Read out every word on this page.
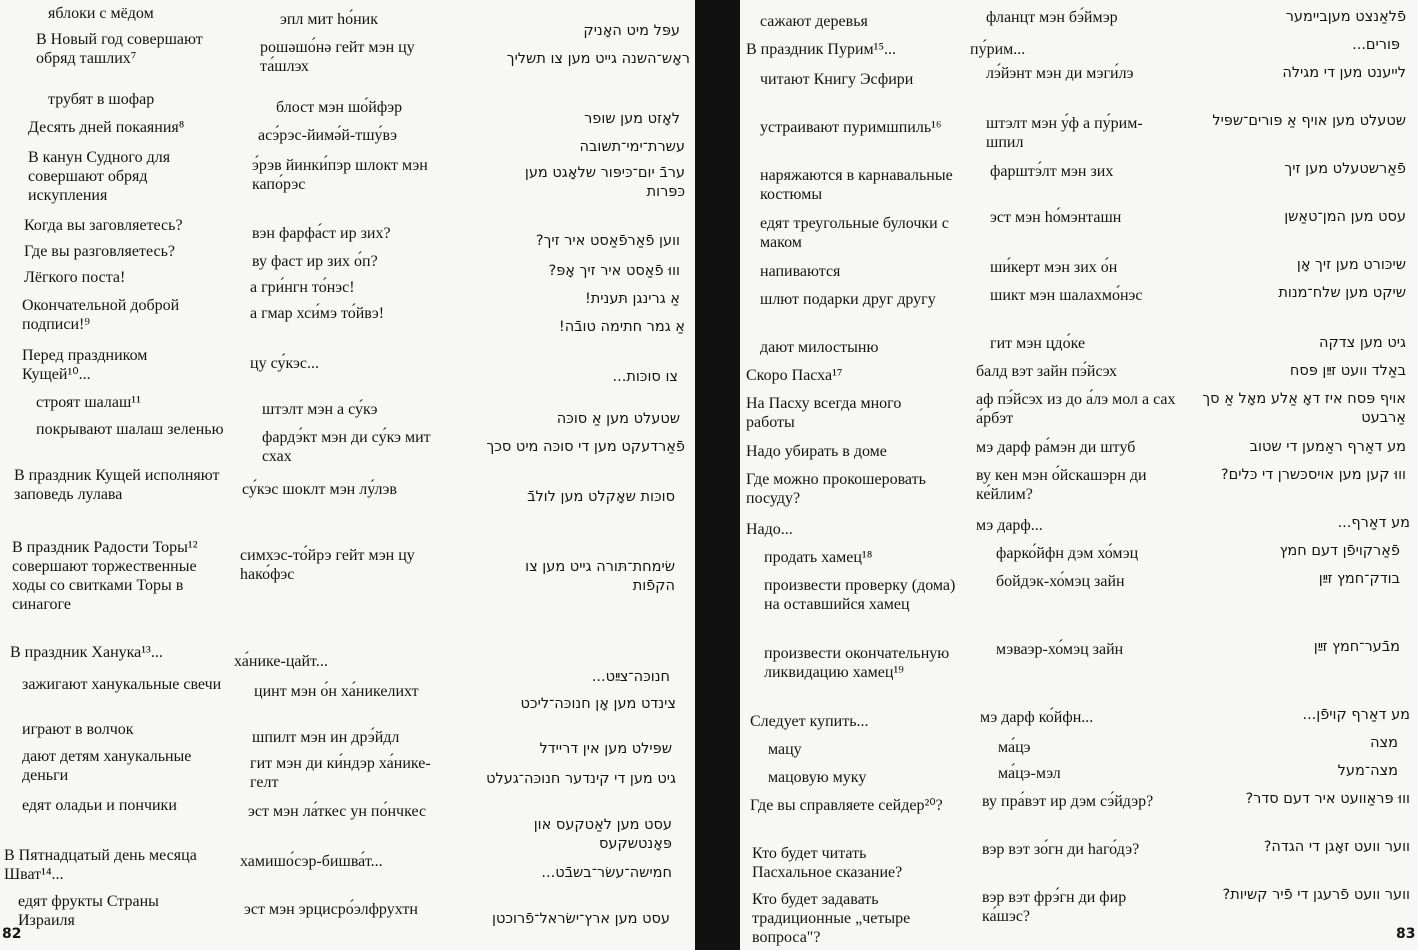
яблоки с мёдом
В Новый год совершают обряд ташлих⁷
трубят в шофар
Десять дней покаяния⁸
В канун Судного для совершают обряд искупления
Когда вы заговляетесь?
Где вы разговляетесь?
Лёгкого поста!
Окончательной доброй подписи!⁹
Перед праздником Кущей¹⁰...
строят шалаш¹¹
покрывают шалаш зеленью
В праздник Кущей исполняют заповедь лулава
В праздник Радости Торы¹² совершают торжественные ходы со свитками Торы в синагоге
В праздник Ханука¹³...
зажигают ханукальные свечи
играют в волчок
дают детям ханукальные деньги
едят оладьи и пончики
В Пятнадцатый день месяца Шват¹⁴...
едят фрукты Страны Израиля
эпл мит һо́ник
рошәшо́нә гейт мэн цу та́шлэх
блост мэн шо́йфэр
асэ́рэс-йимә́й-тшу́вэ
э́рэв йинки́пэр шлокт мэн капо́рэс
вэн фарфа́ст ир зих?
ву фаст ир зих о́п?
а гри́нгн то́нэс!
а гмар хси́мэ то́йвэ!
цу су́кэс...
штэлт мэн а су́кэ
фардэ́кт мэн ди су́кэ мит схах
су́кэс шоклт мэн лу́лэв
симхэс-то́йрэ гейт мэн цу һако́фэс
ха́нике-цайт...
цинт мэн о́н ха́никелихт
шпилт мэн ин дрэ́йдл
гит мэн ди ки́ндэр ха́нике-гелт
эст мэн ла́ткес ун по́нчкес
хамишо́сэр-бишва́т...
эст мэн эрцисро́элфрухтн
עפּל מיט האָניק
ראָש־השנה גייט מען צו תשליך
לאָזט מען שופר
עשרת־ימי־תשובה
ערבֿ יום־כּיפּור שלאָגט מען כּפּרות
ווען פֿאַרפֿאַסט איר זיך?
וווּ פֿאַסט איר זיך אָפּ?
אַ גרינגן תּענית!
אַ גמר חתימה טובֿה!
צו סוכּות...
שטעלט מען אַ סוכּה
פֿאַרדעקט מען די סוכּה מיט סכך
סוכּות שאָקלט מען לולבֿ
שׂימחת־תּורה גייט מען צו הקפֿות
חנוכּה־צײַט...
צינדט מען אָן חנוכּה־ליכט
שפּילט מען אין דריידל
גיט מען די קינדער חנוכּה־געלט
עסט מען לאַטקעס און פּאָנטשקעס
חמישה־עשׂר־בשבֿט...
עסט מען ארץ־ישׂראל־פֿרוכטן
82
сажают деревья
В праздник Пурим¹⁵...
читают Книгу Эсфири
устраивают пуримшпиль¹⁶
наряжаются в карнавальные костюмы
едят треугольные булочки с маком
напиваются
шлют подарки друг другу
дают милостыню
Скоро Пасха¹⁷
На Пасху всегда много работы
Надо убирать в доме
Где можно прокошеровать посуду?
Надо...
продать хамец¹⁸
произвести проверку (дома) на оставшийся хамец
произвести окончательную ликвидацию хамец¹⁹
Следует купить...
мацу
мацовую муку
Где вы справляете сейдер²⁰?
Кто будет читать Пасхальное сказание?
Кто будет задавать традиционные „четыре вопроса"?
фланцт мэн бэ́ймэр
пу́рим...
лэ́йэнт мэн ди мэги́лэ
штэлт мэн у́ф а пу́рим-шпил
фарштэ́лт мэн зих
эст мэн һо́мэнташн
ши́керт мэн зих о́н
шикт мэн шалахмо́нэс
гит мэн цдо́ке
балд вэт зайн пэ́йсэх
аф пэ́йсэх из до а́лэ мол а сах а́рбэт
мэ дарф ра́мэн ди штуб
ву кен мэн о́йскашэрн ди ке́йлим?
мэ дарф...
фарко́йфн дэм хо́мэц
бойдэк-хо́мэц зайн
мэваэр-хо́мэц зайн
мэ дарф ко́йфн...
ма́цэ
ма́цэ-мэл
ву пра́вэт ир дэм сэ́йдэр?
вэр вэт зо́гн ди һаго́дэ?
вэр вэт фрэ́гн ди фир ка́шэс?
פֿלאַנצט מעןביימער
פּורים...
לייענט מען די מגילה
שטעלט מען אויף אַ פּורים־שפּיל
פֿאַרשטעלט מען זיך
עסט מען המן־טאַשן
שיכּורט מען זיך אָן
שיקט מען שלח־מנות
גיט מען צדקה
באַלד וועט זײַן פּסח
אויף פּסח איז דאָ אַלע מאָל אַ סך אַרבעט
מע דאַרף ראַמען די שטוב
וווּ קען מען אויסכּשרן די כּלים?
מע דאַרף...
פֿאַרקויפֿן דעם חמץ
בודק־חמץ זײַן
מבֿער־חמץ זײַן
מע דאַרף קויפֿן...
מצה
מצה־מעל
וווּ פּראַוועט איר דעם סדר?
ווער וועט זאָגן די הגדה?
ווער וועט פֿרעגן די פֿיר קשיות?
83
